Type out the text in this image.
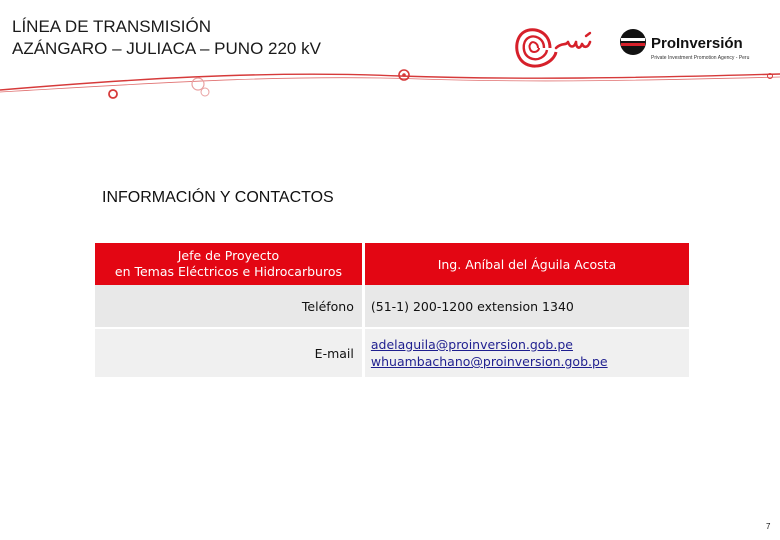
LÍNEA DE TRANSMISIÓN
AZÁNGARO – JULIACA – PUNO 220 kV	ProInversión
Private Investment Promotion Agency - Peru
INFORMACIÓN Y CONTACTOS
Jefe de Proyecto
en Temas Eléctricos e Hidrocarburos	Ing. Aníbal del Águila Acosta
Teléfono	(51-1) 200-1200 extension 1340

E-mail	adelaguila@proinversion.gob.pe
whuambachano@proinversion.gob.pe
7
